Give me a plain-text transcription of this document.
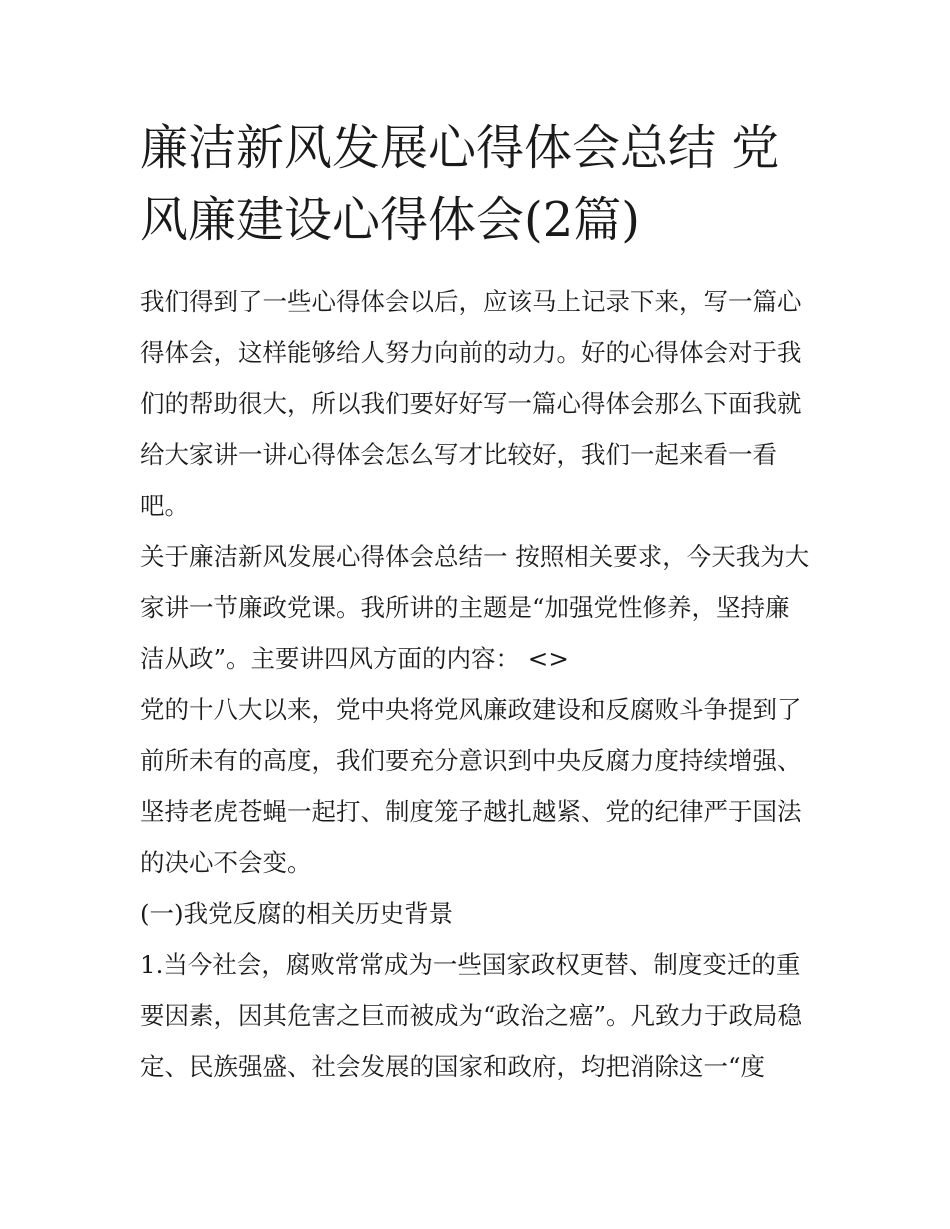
廉洁新风发展心得体会总结 党风廉建设心得体会(2篇)

我们得到了一些心得体会以后，应该马上记录下来，写一篇心得体会，这样能够给人努力向前的动力。好的心得体会对于我们的帮助很大，所以我们要好好写一篇心得体会那么下面我就给大家讲一讲心得体会怎么写才比较好，我们一起来看一看吧。

关于廉洁新风发展心得体会总结一 按照相关要求，今天我为大家讲一节廉政党课。我所讲的主题是“加强党性修养，坚持廉洁从政”。主要讲四风方面的内容： <>

党的十八大以来，党中央将党风廉政建设和反腐败斗争提到了前所未有的高度，我们要充分意识到中央反腐力度持续增强、坚持老虎苍蝇一起打、制度笼子越扎越紧、党的纪律严于国法的决心不会变。

(一)我党反腐的相关历史背景

1.当今社会，腐败常常成为一些国家政权更替、制度变迁的重要因素，因其危害之巨而被成为“政治之癌”。凡致力于政局稳定、民族强盛、社会发展的国家和政府，均把消除这一“度
